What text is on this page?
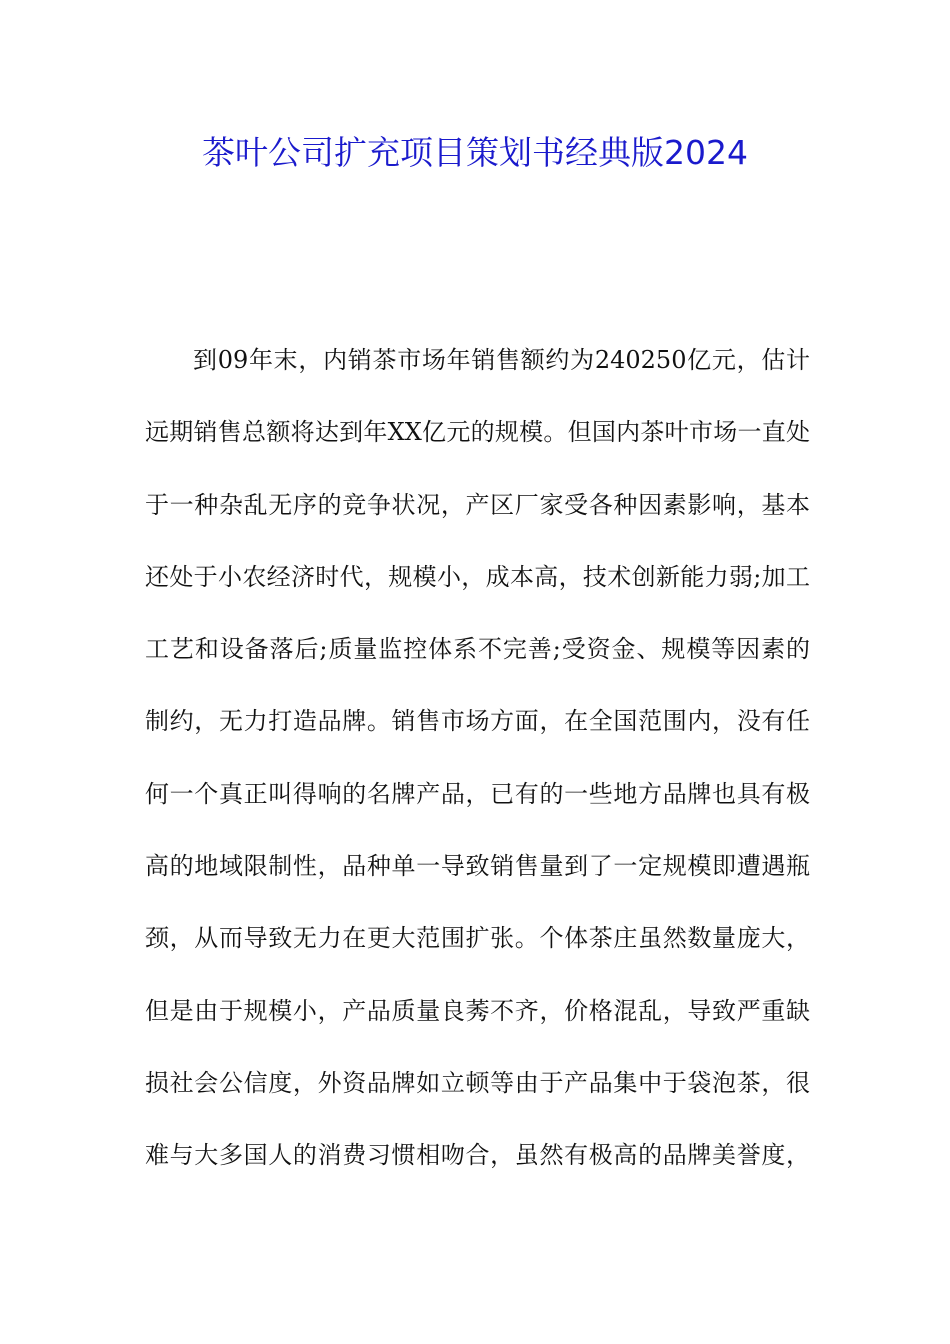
茶叶公司扩充项目策划书经典版2024
到09年末，内销茶市场年销售额约为240250亿元，估计
远期销售总额将达到年XX亿元的规模。但国内茶叶市场一直处
于一种杂乱无序的竞争状况，产区厂家受各种因素影响，基本
还处于小农经济时代，规模小，成本高，技术创新能力弱;加工
工艺和设备落后;质量监控体系不完善;受资金、规模等因素的
制约，无力打造品牌。销售市场方面，在全国范围内，没有任
何一个真正叫得响的名牌产品，已有的一些地方品牌也具有极
高的地域限制性，品种单一导致销售量到了一定规模即遭遇瓶
颈，从而导致无力在更大范围扩张。个体茶庄虽然数量庞大，
但是由于规模小，产品质量良莠不齐，价格混乱，导致严重缺
损社会公信度，外资品牌如立顿等由于产品集中于袋泡茶，很
难与大多国人的消费习惯相吻合，虽然有极高的品牌美誉度，
